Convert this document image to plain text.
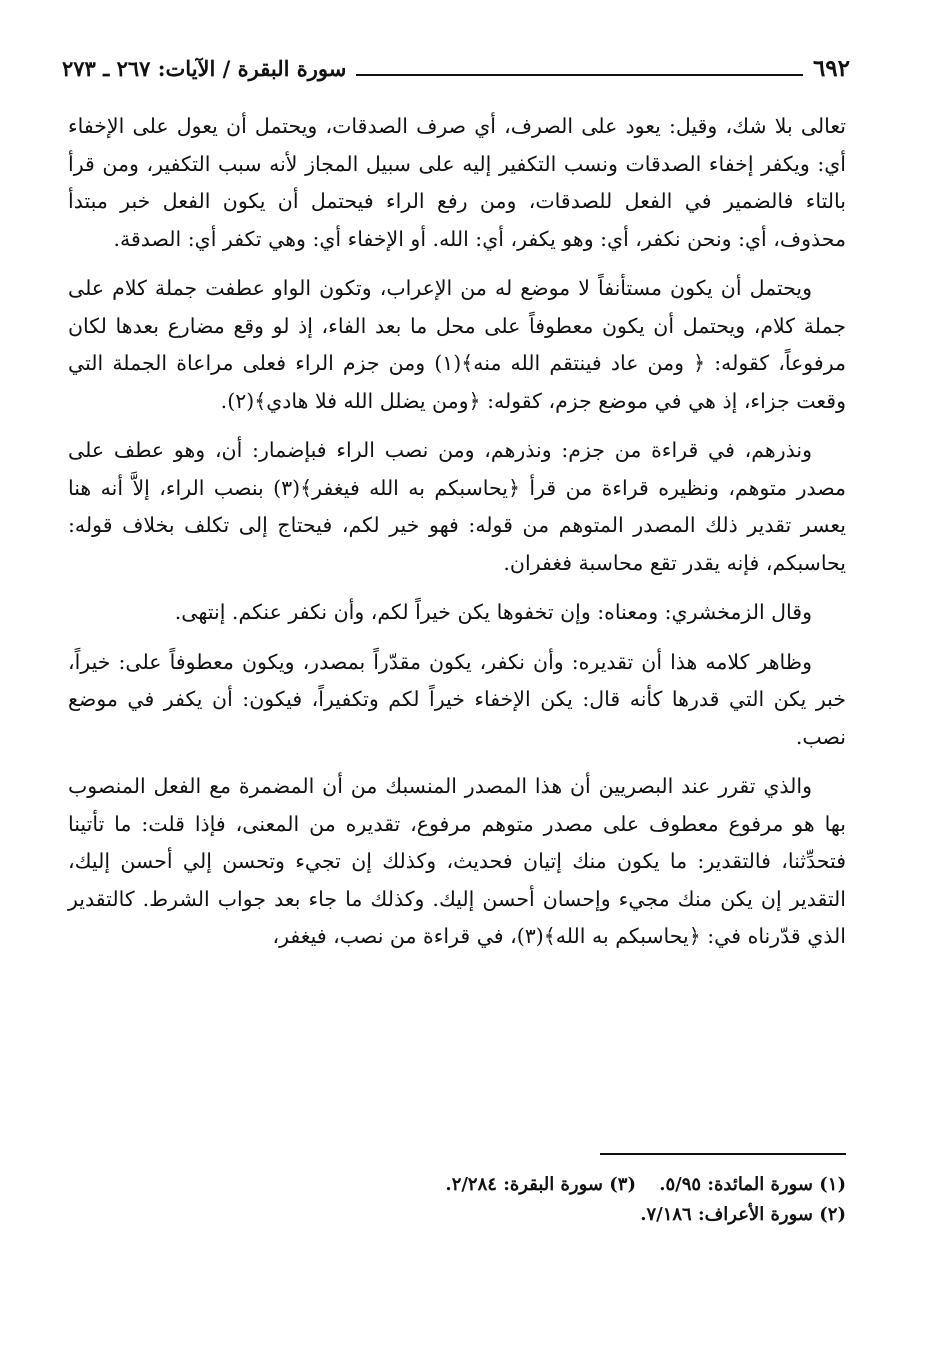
٦٩٢
سورة البقرة / الآيات: ٢٦٧ ـ ٢٧٣

تعالى بلا شك، وقيل: يعود على الصرف، أي صرف الصدقات، ويحتمل أن يعول على الإخفاء أي: ويكفر إخفاء الصدقات ونسب التكفير إليه على سبيل المجاز لأنه سبب التكفير، ومن قرأ بالتاء فالضمير في الفعل للصدقات، ومن رفع الراء فيحتمل أن يكون الفعل خبر مبتدأ محذوف، أي: ونحن نكفر، أي: وهو يكفر، أي: الله. أو الإخفاء أي: وهي تكفر أي: الصدقة.

ويحتمل أن يكون مستأنفاً لا موضع له من الإعراب، وتكون الواو عطفت جملة كلام على جملة كلام، ويحتمل أن يكون معطوفاً على محل ما بعد الفاء، إذ لو وقع مضارع بعدها لكان مرفوعاً، كقوله: ﴿ ومن عاد فينتقم الله منه﴾(١) ومن جزم الراء فعلى مراعاة الجملة التي وقعت جزاء، إذ هي في موضع جزم، كقوله: ﴿ومن يضلل الله فلا هادي﴾(٢).

ونذرهم، في قراءة من جزم: ونذرهم، ومن نصب الراء فبإضمار: أن، وهو عطف على مصدر متوهم، ونظيره قراءة من قرأ ﴿يحاسبكم به الله فيغفر﴾(٣) بنصب الراء، إلاَّ أنه هنا يعسر تقدير ذلك المصدر المتوهم من قوله: فهو خير لكم، فيحتاج إلى تكلف بخلاف قوله: يحاسبكم، فإنه يقدر تقع محاسبة فغفران.

وقال الزمخشري: ومعناه: وإن تخفوها يكن خيراً لكم، وأن نكفر عنكم. إنتهى.

وظاهر كلامه هذا أن تقديره: وأن نكفر، يكون مقدّراً بمصدر، ويكون معطوفاً على: خيراً، خبر يكن التي قدرها كأنه قال: يكن الإخفاء خيراً لكم وتكفيراً، فيكون: أن يكفر في موضع نصب.

والذي تقرر عند البصريين أن هذا المصدر المنسبك من أن المضمرة مع الفعل المنصوب بها هو مرفوع معطوف على مصدر متوهم مرفوع، تقديره من المعنى، فإذا قلت: ما تأتينا فتحدِّثنا، فالتقدير: ما يكون منك إتيان فحديث، وكذلك إن تجيء وتحسن إلي أحسن إليك، التقدير إن يكن منك مجيء وإحسان أحسن إليك. وكذلك ما جاء بعد جواب الشرط. كالتقدير الذي قدّرناه في: ﴿يحاسبكم به الله﴾(٣)، في قراءة من نصب، فيغفر،

(١) سورة المائدة: ٥/٩٥.
(٣) سورة البقرة: ٢/٢٨٤.
(٢) سورة الأعراف: ٧/١٨٦.
